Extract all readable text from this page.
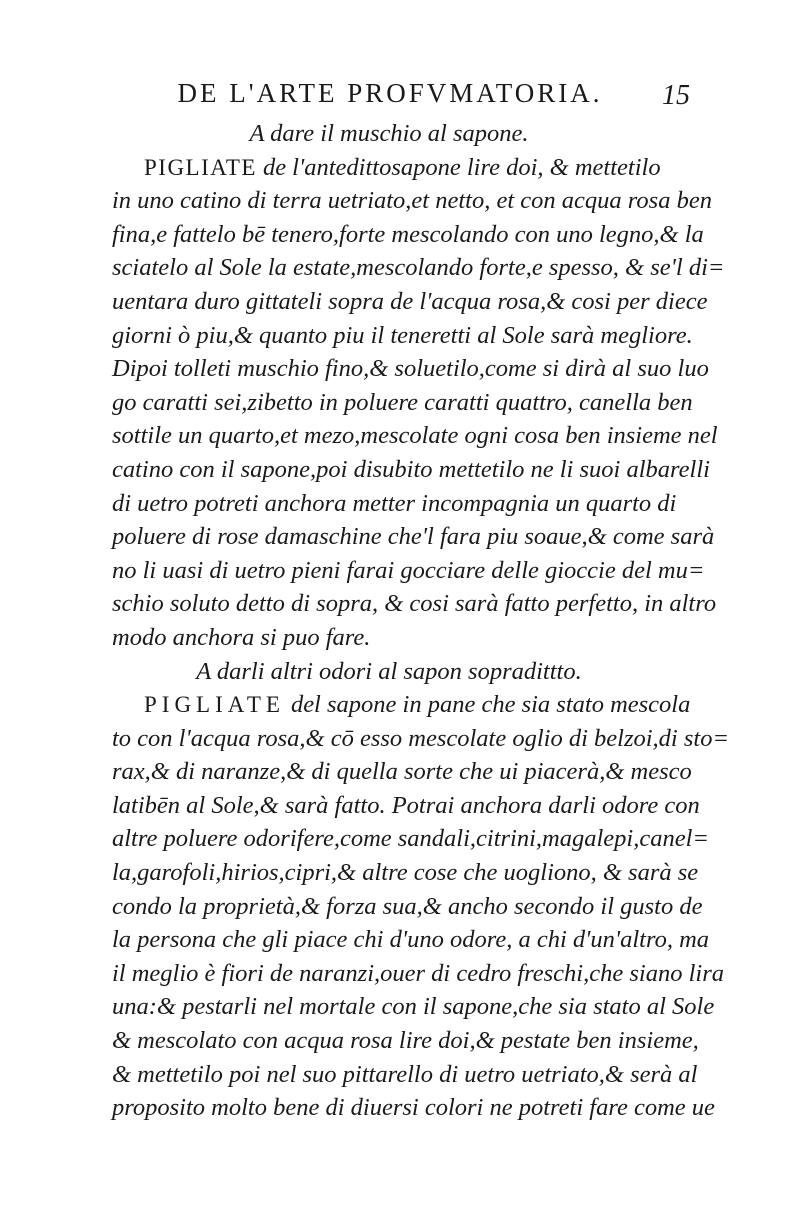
DE L'ARTE PROFVMATORIA.	15
A dare il muschio al sapone.
PIGLIATE de l'antedittosapone lire doi, & mettetilo
in uno catino di terra uetriato,et netto, et con acqua rosa ben
fina,e fattelo bē tenero,forte mescolando con uno legno,& la
sciatelo al Sole la estate,mescolando forte,e spesso, & se'l di=
uentara duro gittateli sopra de l'acqua rosa,& cosi per diece
giorni ò piu,& quanto piu il teneretti al Sole sarà megliore.
Dipoi tolleti muschio fino,& soluetilo,come si dirà al suo luo
go caratti sei,zibetto in poluere caratti quattro, canella ben
sottile un quarto,et mezo,mescolate ogni cosa ben insieme nel
catino con il sapone,poi disubito mettetilo ne li suoi albarelli
di uetro potreti anchora metter incompagnia un quarto di
poluere di rose damaschine che'l fara piu soaue,& come sarà
no li uasi di uetro pieni farai gocciare delle gioccie del mu=
schio soluto detto di sopra, & cosi sarà fatto perfetto, in altro
modo anchora si puo fare.
A darli altri odori al sapon sopradittto.
PIGLIATE del sapone in pane che sia stato mescola
to con l'acqua rosa,& cō esso mescolate oglio di belzoi,di sto=
rax,& di naranze,& di quella sorte che ui piacerà,& mesco
latibēn al Sole,& sarà fatto. Potrai anchora darli odore con
altre poluere odorifere,come sandali,citrini,magalepi,canel=
la,garofoli,hirios,cipri,& altre cose che uogliono, & sarà se
condo la proprietà,& forza sua,& ancho secondo il gusto de
la persona che gli piace chi d'uno odore, a chi d'un'altro, ma
il meglio è fiori de naranzi,ouer di cedro freschi,che siano lira
una:& pestarli nel mortale con il sapone,che sia stato al Sole
& mescolato con acqua rosa lire doi,& pestate ben insieme,
& mettetilo poi nel suo pittarello di uetro uetriato,& serà al
proposito molto bene di diuersi colori ne potreti fare come ue
